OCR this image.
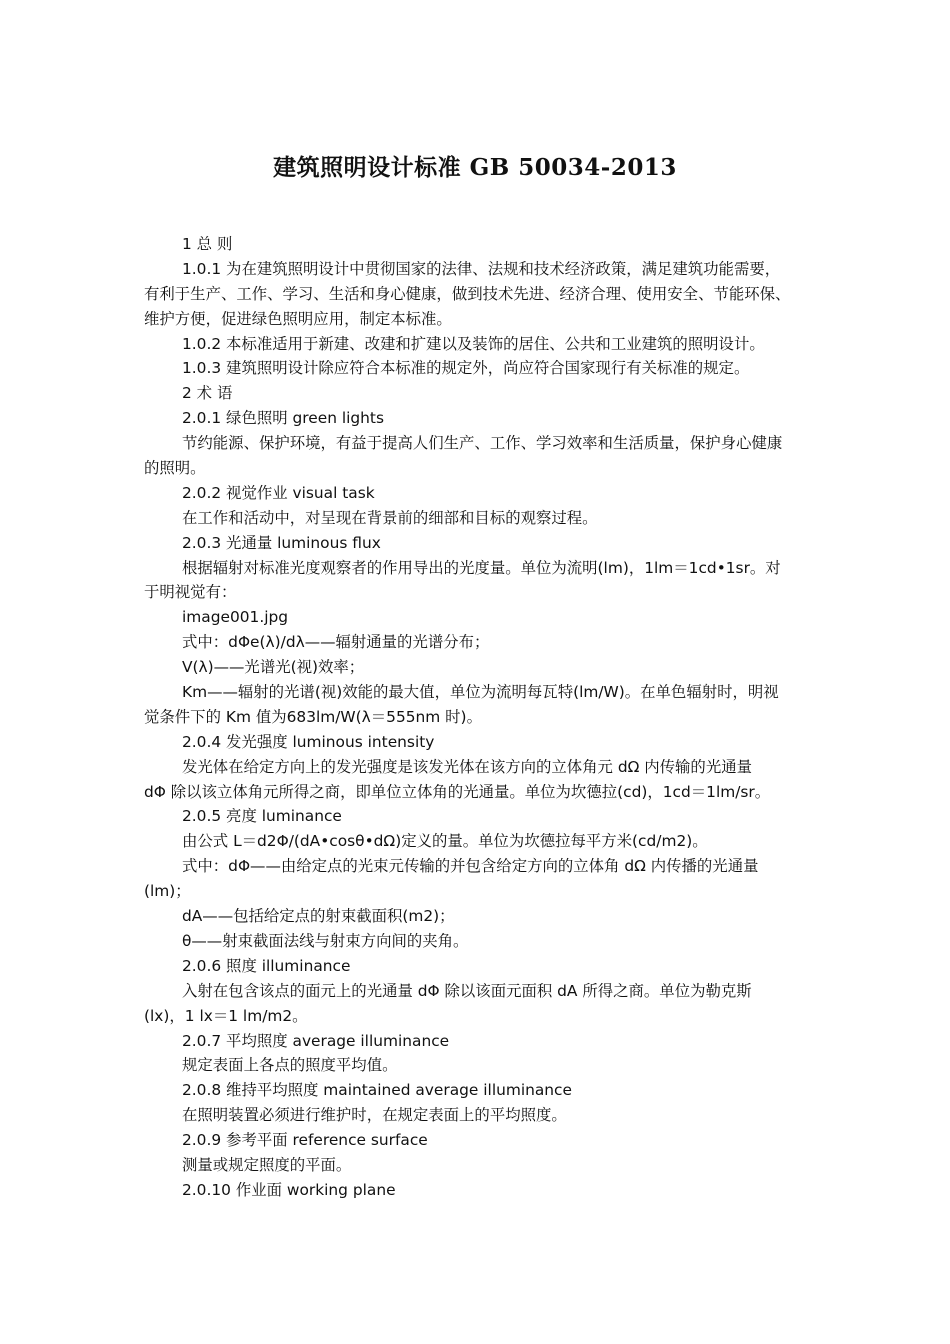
建筑照明设计标准 GB 50034-2013
1 总 则
1.0.1 为在建筑照明设计中贯彻国家的法律、法规和技术经济政策，满足建筑功能需要，
有利于生产、工作、学习、生活和身心健康，做到技术先进、经济合理、使用安全、节能环保、
维护方便，促进绿色照明应用，制定本标准。
1.0.2 本标准适用于新建、改建和扩建以及装饰的居住、公共和工业建筑的照明设计。
1.0.3 建筑照明设计除应符合本标准的规定外，尚应符合国家现行有关标准的规定。
2 术 语
2.0.1 绿色照明 green lights
节约能源、保护环境，有益于提高人们生产、工作、学习效率和生活质量，保护身心健康
的照明。
2.0.2 视觉作业 visual task
在工作和活动中，对呈现在背景前的细部和目标的观察过程。
2.0.3 光通量 luminous flux
根据辐射对标准光度观察者的作用导出的光度量。单位为流明(lm)，1lm＝1cd•1sr。对
于明视觉有：
image001.jpg
式中：dΦe(λ)/dλ——辐射通量的光谱分布；
V(λ)——光谱光(视)效率；
Km——辐射的光谱(视)效能的最大值，单位为流明每瓦特(lm/W)。在单色辐射时，明视
觉条件下的 Km 值为683lm/W(λ＝555nm 时)。
2.0.4 发光强度 luminous intensity
发光体在给定方向上的发光强度是该发光体在该方向的立体角元 dΩ 内传输的光通量
dΦ 除以该立体角元所得之商，即单位立体角的光通量。单位为坎德拉(cd)，1cd＝1lm/sr。
2.0.5 亮度 luminance
由公式 L＝d2Φ/(dA•cosθ•dΩ)定义的量。单位为坎德拉每平方米(cd/m2)。
式中：dΦ——由给定点的光束元传输的并包含给定方向的立体角 dΩ 内传播的光通量
(lm)；
dA——包括给定点的射束截面积(m2)；
θ——射束截面法线与射束方向间的夹角。
2.0.6 照度 illuminance
入射在包含该点的面元上的光通量 dΦ 除以该面元面积 dA 所得之商。单位为勒克斯
(lx)，1 lx＝1 lm/m2。
2.0.7 平均照度 average illuminance
规定表面上各点的照度平均值。
2.0.8 维持平均照度 maintained average illuminance
在照明装置必须进行维护时，在规定表面上的平均照度。
2.0.9 参考平面 reference surface
测量或规定照度的平面。
2.0.10 作业面 working plane
